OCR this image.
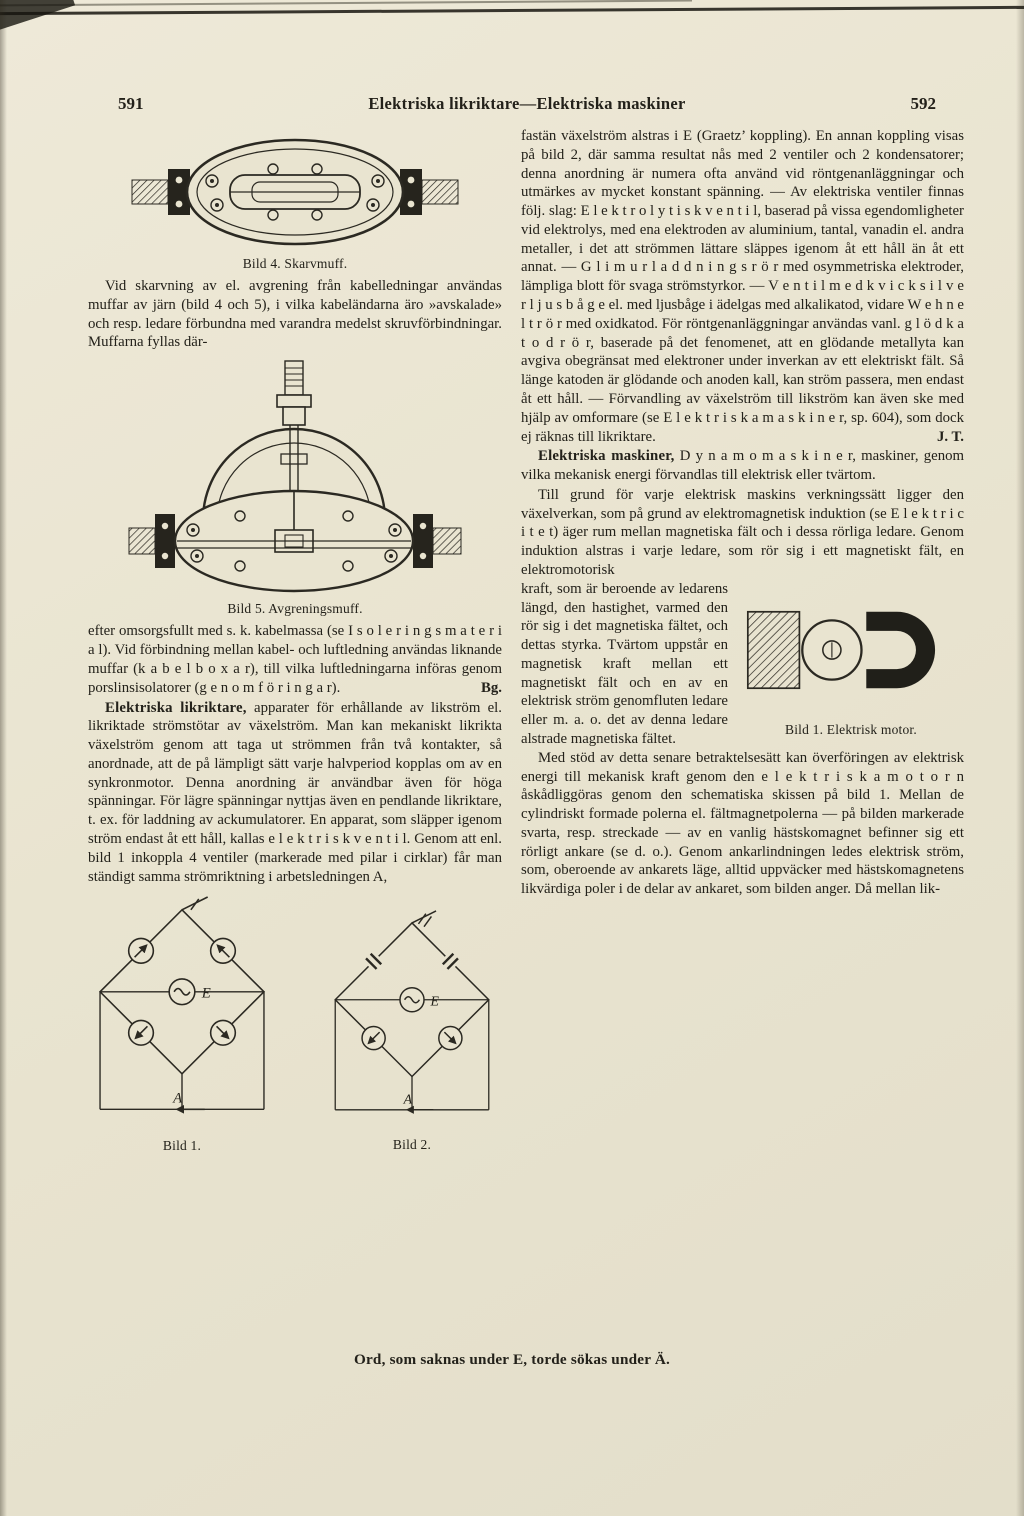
591	Elektriska likriktare—Elektriska maskiner	592
Bild 4. Skarvmuff.

Vid skarvning av el. avgrening från kabelledningar användas muffar av järn (bild 4 och 5), i vilka kabeländarna äro »avskalade» och resp. ledare förbundna med varandra medelst skruvförbindningar. Muffarna fyllas där-

Bild 5. Avgreningsmuff.

efter omsorgsfullt med s. k. kabelmassa (se I s o l e r i n g s m a t e r i a l). Vid förbindning mellan kabel- och luftledning användas liknande muffar (k a b e l b o x a r), till vilka luftledningarna införas genom porslinsisolatorer (g e n o m f ö r i n g a r).	Bg.

Elektriska likriktare, apparater för erhållande av likström el. likriktade strömstötar av växelström. Man kan mekaniskt likrikta växelström genom att taga ut strömmen från två kontakter, så anordnade, att de på lämpligt sätt varje halvperiod kopplas om av en synkronmotor. Denna anordning är användbar även för höga spänningar. För lägre spänningar nyttjas även en pendlande likriktare, t. ex. för laddning av ackumulatorer. En apparat, som släpper igenom ström endast åt ett håll, kallas e l e k t r i s k v e n t i l. Genom att enl. bild 1 inkoppla 4 ventiler (markerade med pilar i cirklar) får man ständigt samma strömriktning i arbetsledningen A,

E
A
Bild 1.
E
A
Bild 2.

fastän växelström alstras i E (Graetz’ koppling). En annan koppling visas på bild 2, där samma resultat nås med 2 ventiler och 2 kondensatorer; denna anordning är numera ofta använd vid röntgenanläggningar och utmärkes av mycket konstant spänning. — Av elektriska ventiler finnas följ. slag: E l e k t r o l y t i s k v e n t i l, baserad på vissa egendomligheter vid elektrolys, med ena elektroden av aluminium, tantal, vanadin el. andra metaller, i det att strömmen lättare släppes igenom åt ett håll än åt ett annat. — G l i m u r l a d d n i n g s r ö r med osymmetriska elektroder, lämpliga blott för svaga strömstyrkor. — V e n t i l m e d k v i c k s i l v e r l j u s b å g e el. med ljusbåge i ädelgas med alkalikatod, vidare W e h n e l t r ö r med oxidkatod. För röntgenanläggningar användas vanl. g l ö d k a t o d r ö r, baserade på det fenomenet, att en glödande metallyta kan avgiva obegränsat med elektroner under inverkan av ett elektriskt fält. Så länge katoden är glödande och anoden kall, kan ström passera, men endast åt ett håll. — Förvandling av växelström till likström kan även ske med hjälp av omformare (se E l e k t r i s k a m a s k i n e r, sp. 604), som dock ej räknas till likriktare.	J. T.

Elektriska maskiner, D y n a m o m a s k i n e r, maskiner, genom vilka mekanisk energi förvandlas till elektrisk eller tvärtom.

Till grund för varje elektrisk maskins verkningssätt ligger den växelverkan, som på grund av elektromagnetisk induktion (se E l e k t r i c i t e t) äger rum mellan magnetiska fält och i dessa rörliga ledare. Genom induktion alstras i varje ledare, som rör sig i ett magnetiskt fält, en elektromotorisk

Bild 1. Elektrisk motor.

kraft, som är beroende av ledarens längd, den hastighet, varmed den rör sig i det magnetiska fältet, och dettas styrka. Tvärtom uppstår en magnetisk kraft mellan ett magnetiskt fält och en av en elektrisk ström genomfluten ledare eller m. a. o. det av denna ledare alstrade magnetiska fältet.

Med stöd av detta senare betraktelsesätt kan överföringen av elektrisk energi till mekanisk kraft genom den e l e k t r i s k a m o t o r n åskådliggöras genom den schematiska skissen på bild 1. Mellan de cylindriskt formade polerna el. fältmagnetpolerna — på bilden markerade svarta, resp. streckade — av en vanlig hästskomagnet befinner sig ett rörligt ankare (se d. o.). Genom ankarlindningen ledes elektrisk ström, som, oberoende av ankarets läge, alltid uppväcker med hästskomagnetens likvärdiga poler i de delar av ankaret, som bilden anger. Då mellan lik-

Ord, som saknas under E, torde sökas under Ä.
